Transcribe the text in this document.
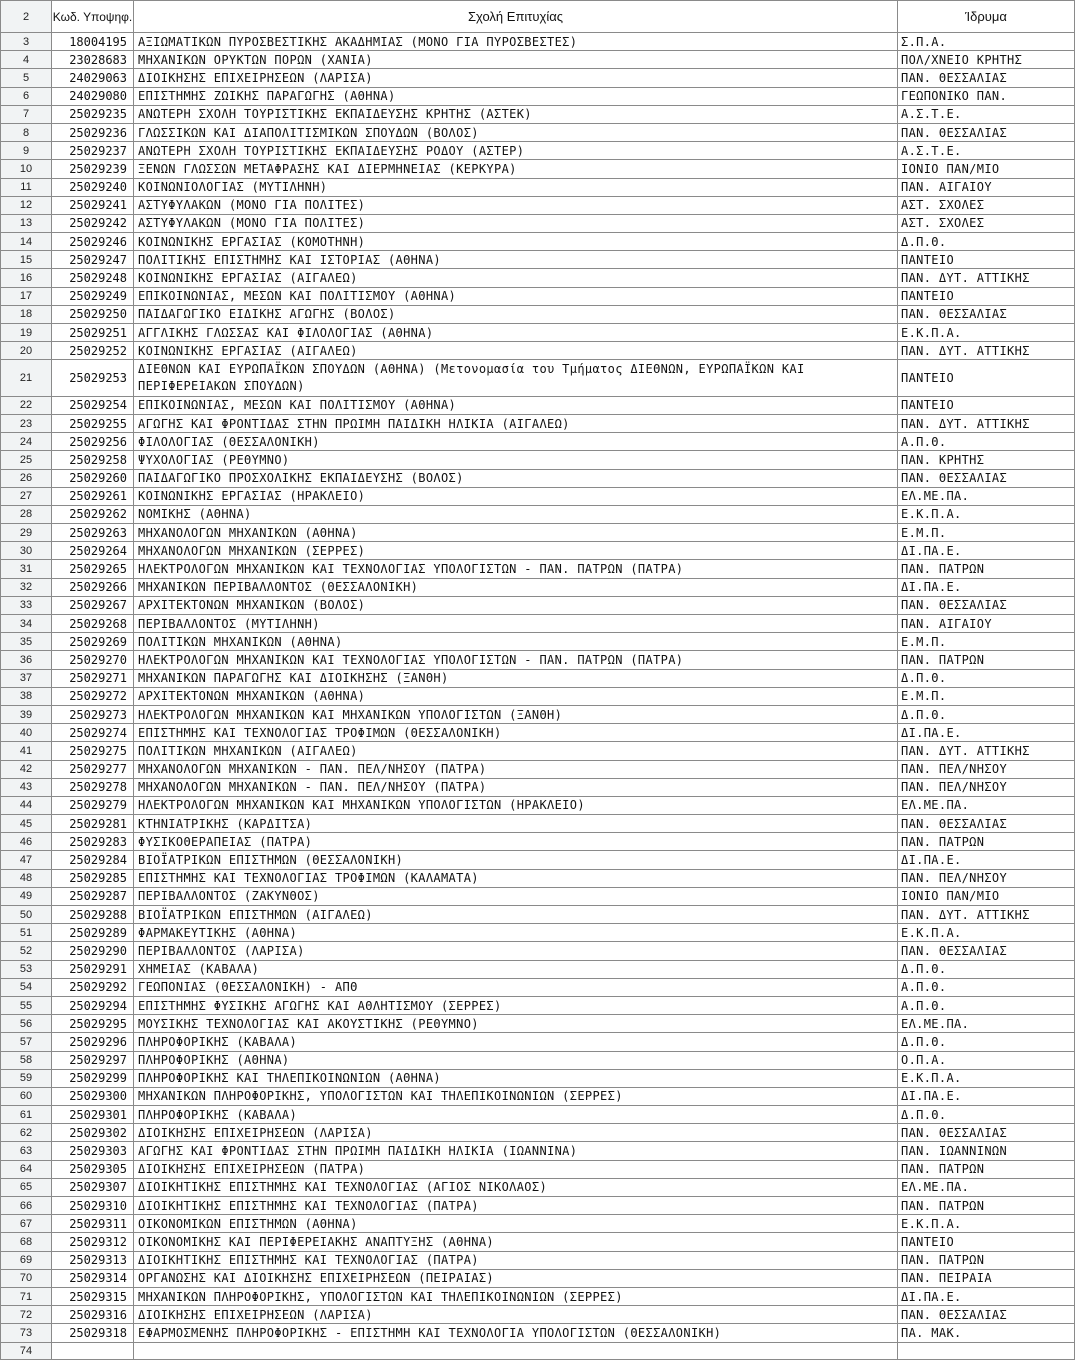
2	Κωδ. Υποψηφ.	Σχολή Επιτυχίας	Ίδρυμα
3	18004195	ΑΞΙΩΜΑΤΙΚΩΝ ΠΥΡΟΣΒΕΣΤΙΚΗΣ ΑΚΑΔΗΜΙΑΣ (ΜΟΝΟ ΓΙΑ ΠΥΡΟΣΒΕΣΤΕΣ)	Σ.Π.Α.
4	23028683	ΜΗΧΑΝΙΚΩΝ ΟΡΥΚΤΩΝ ΠΟΡΩΝ (ΧΑΝΙΑ)	ΠΟΛ/ΧΝΕΙΟ ΚΡΗΤΗΣ
5	24029063	ΔΙΟΙΚΗΣΗΣ ΕΠΙΧΕΙΡΗΣΕΩΝ (ΛΑΡΙΣΑ)	ΠΑΝ. ΘΕΣΣΑΛΙΑΣ
6	24029080	ΕΠΙΣΤΗΜΗΣ ΖΩΙΚΗΣ ΠΑΡΑΓΩΓΗΣ (ΑΘΗΝΑ)	ΓΕΩΠΟΝΙΚΟ ΠΑΝ.
7	25029235	ΑΝΩΤΕΡΗ ΣΧΟΛΗ ΤΟΥΡΙΣΤΙΚΗΣ ΕΚΠΑΙΔΕΥΣΗΣ ΚΡΗΤΗΣ (ΑΣΤΕΚ)	Α.Σ.Τ.Ε.
8	25029236	ΓΛΩΣΣΙΚΩΝ ΚΑΙ ΔΙΑΠΟΛΙΤΙΣΜΙΚΩΝ ΣΠΟΥΔΩΝ (ΒΟΛΟΣ)	ΠΑΝ. ΘΕΣΣΑΛΙΑΣ
9	25029237	ΑΝΩΤΕΡΗ ΣΧΟΛΗ ΤΟΥΡΙΣΤΙΚΗΣ ΕΚΠΑΙΔΕΥΣΗΣ ΡΟΔΟΥ (ΑΣΤΕΡ)	Α.Σ.Τ.Ε.
10	25029239	ΞΕΝΩΝ ΓΛΩΣΣΩΝ ΜΕΤΑΦΡΑΣΗΣ ΚΑΙ ΔΙΕΡΜΗΝΕΙΑΣ (ΚΕΡΚΥΡΑ)	ΙΟΝΙΟ ΠΑΝ/ΜΙΟ
11	25029240	ΚΟΙΝΩΝΙΟΛΟΓΙΑΣ (ΜΥΤΙΛΗΝΗ)	ΠΑΝ. ΑΙΓΑΙΟΥ
12	25029241	ΑΣΤΥΦΥΛΑΚΩΝ (ΜΟΝΟ ΓΙΑ ΠΟΛΙΤΕΣ)	ΑΣΤ. ΣΧΟΛΕΣ
13	25029242	ΑΣΤΥΦΥΛΑΚΩΝ (ΜΟΝΟ ΓΙΑ ΠΟΛΙΤΕΣ)	ΑΣΤ. ΣΧΟΛΕΣ
14	25029246	ΚΟΙΝΩΝΙΚΗΣ ΕΡΓΑΣΙΑΣ (ΚΟΜΟΤΗΝΗ)	Δ.Π.Θ.
15	25029247	ΠΟΛΙΤΙΚΗΣ ΕΠΙΣΤΗΜΗΣ ΚΑΙ ΙΣΤΟΡΙΑΣ (ΑΘΗΝΑ)	ΠΑΝΤΕΙΟ
16	25029248	ΚΟΙΝΩΝΙΚΗΣ ΕΡΓΑΣΙΑΣ (ΑΙΓΑΛΕΩ)	ΠΑΝ. ΔΥΤ. ΑΤΤΙΚΗΣ
17	25029249	ΕΠΙΚΟΙΝΩΝΙΑΣ, ΜΕΣΩΝ ΚΑΙ ΠΟΛΙΤΙΣΜΟΥ (ΑΘΗΝΑ)	ΠΑΝΤΕΙΟ
18	25029250	ΠΑΙΔΑΓΩΓΙΚΟ ΕΙΔΙΚΗΣ ΑΓΩΓΗΣ (ΒΟΛΟΣ)	ΠΑΝ. ΘΕΣΣΑΛΙΑΣ
19	25029251	ΑΓΓΛΙΚΗΣ ΓΛΩΣΣΑΣ ΚΑΙ ΦΙΛΟΛΟΓΙΑΣ (ΑΘΗΝΑ)	Ε.Κ.Π.Α.
20	25029252	ΚΟΙΝΩΝΙΚΗΣ ΕΡΓΑΣΙΑΣ (ΑΙΓΑΛΕΩ)	ΠΑΝ. ΔΥΤ. ΑΤΤΙΚΗΣ
21	25029253	ΔΙΕΘΝΩΝ ΚΑΙ ΕΥΡΩΠΑΪΚΩΝ ΣΠΟΥΔΩΝ (ΑΘΗΝΑ) (Μετονομασία του Τμήματος ΔΙΕΘΝΩΝ, ΕΥΡΩΠΑΪΚΩΝ ΚΑΙ ΠΕΡΙΦΕΡΕΙΑΚΩΝ ΣΠΟΥΔΩΝ)	ΠΑΝΤΕΙΟ
22	25029254	ΕΠΙΚΟΙΝΩΝΙΑΣ, ΜΕΣΩΝ ΚΑΙ ΠΟΛΙΤΙΣΜΟΥ (ΑΘΗΝΑ)	ΠΑΝΤΕΙΟ
23	25029255	ΑΓΩΓΗΣ ΚΑΙ ΦΡΟΝΤΙΔΑΣ ΣΤΗΝ ΠΡΩΙΜΗ ΠΑΙΔΙΚΗ ΗΛΙΚΙΑ (ΑΙΓΑΛΕΩ)	ΠΑΝ. ΔΥΤ. ΑΤΤΙΚΗΣ
24	25029256	ΦΙΛΟΛΟΓΙΑΣ (ΘΕΣΣΑΛΟΝΙΚΗ)	Α.Π.Θ.
25	25029258	ΨΥΧΟΛΟΓΙΑΣ (ΡΕΘΥΜΝΟ)	ΠΑΝ. ΚΡΗΤΗΣ
26	25029260	ΠΑΙΔΑΓΩΓΙΚΟ ΠΡΟΣΧΟΛΙΚΗΣ ΕΚΠΑΙΔΕΥΣΗΣ (ΒΟΛΟΣ)	ΠΑΝ. ΘΕΣΣΑΛΙΑΣ
27	25029261	ΚΟΙΝΩΝΙΚΗΣ ΕΡΓΑΣΙΑΣ (ΗΡΑΚΛΕΙΟ)	ΕΛ.ΜΕ.ΠΑ.
28	25029262	ΝΟΜΙΚΗΣ (ΑΘΗΝΑ)	Ε.Κ.Π.Α.
29	25029263	ΜΗΧΑΝΟΛΟΓΩΝ ΜΗΧΑΝΙΚΩΝ (ΑΘΗΝΑ)	Ε.Μ.Π.
30	25029264	ΜΗΧΑΝΟΛΟΓΩΝ ΜΗΧΑΝΙΚΩΝ (ΣΕΡΡΕΣ)	ΔΙ.ΠΑ.Ε.
31	25029265	ΗΛΕΚΤΡΟΛΟΓΩΝ ΜΗΧΑΝΙΚΩΝ ΚΑΙ ΤΕΧΝΟΛΟΓΙΑΣ ΥΠΟΛΟΓΙΣΤΩΝ - ΠΑΝ. ΠΑΤΡΩΝ (ΠΑΤΡΑ)	ΠΑΝ. ΠΑΤΡΩΝ
32	25029266	ΜΗΧΑΝΙΚΩΝ ΠΕΡΙΒΑΛΛΟΝΤΟΣ (ΘΕΣΣΑΛΟΝΙΚΗ)	ΔΙ.ΠΑ.Ε.
33	25029267	ΑΡΧΙΤΕΚΤΟΝΩΝ ΜΗΧΑΝΙΚΩΝ (ΒΟΛΟΣ)	ΠΑΝ. ΘΕΣΣΑΛΙΑΣ
34	25029268	ΠΕΡΙΒΑΛΛΟΝΤΟΣ (ΜΥΤΙΛΗΝΗ)	ΠΑΝ. ΑΙΓΑΙΟΥ
35	25029269	ΠΟΛΙΤΙΚΩΝ ΜΗΧΑΝΙΚΩΝ (ΑΘΗΝΑ)	Ε.Μ.Π.
36	25029270	ΗΛΕΚΤΡΟΛΟΓΩΝ ΜΗΧΑΝΙΚΩΝ ΚΑΙ ΤΕΧΝΟΛΟΓΙΑΣ ΥΠΟΛΟΓΙΣΤΩΝ - ΠΑΝ. ΠΑΤΡΩΝ (ΠΑΤΡΑ)	ΠΑΝ. ΠΑΤΡΩΝ
37	25029271	ΜΗΧΑΝΙΚΩΝ ΠΑΡΑΓΩΓΗΣ ΚΑΙ ΔΙΟΙΚΗΣΗΣ (ΞΑΝΘΗ)	Δ.Π.Θ.
38	25029272	ΑΡΧΙΤΕΚΤΟΝΩΝ ΜΗΧΑΝΙΚΩΝ (ΑΘΗΝΑ)	Ε.Μ.Π.
39	25029273	ΗΛΕΚΤΡΟΛΟΓΩΝ ΜΗΧΑΝΙΚΩΝ ΚΑΙ ΜΗΧΑΝΙΚΩΝ ΥΠΟΛΟΓΙΣΤΩΝ (ΞΑΝΘΗ)	Δ.Π.Θ.
40	25029274	ΕΠΙΣΤΗΜΗΣ ΚΑΙ ΤΕΧΝΟΛΟΓΙΑΣ ΤΡΟΦΙΜΩΝ (ΘΕΣΣΑΛΟΝΙΚΗ)	ΔΙ.ΠΑ.Ε.
41	25029275	ΠΟΛΙΤΙΚΩΝ ΜΗΧΑΝΙΚΩΝ (ΑΙΓΑΛΕΩ)	ΠΑΝ. ΔΥΤ. ΑΤΤΙΚΗΣ
42	25029277	ΜΗΧΑΝΟΛΟΓΩΝ ΜΗΧΑΝΙΚΩΝ - ΠΑΝ. ΠΕΛ/ΝΗΣΟΥ (ΠΑΤΡΑ)	ΠΑΝ. ΠΕΛ/ΝΗΣΟΥ
43	25029278	ΜΗΧΑΝΟΛΟΓΩΝ ΜΗΧΑΝΙΚΩΝ - ΠΑΝ. ΠΕΛ/ΝΗΣΟΥ (ΠΑΤΡΑ)	ΠΑΝ. ΠΕΛ/ΝΗΣΟΥ
44	25029279	ΗΛΕΚΤΡΟΛΟΓΩΝ ΜΗΧΑΝΙΚΩΝ ΚΑΙ ΜΗΧΑΝΙΚΩΝ ΥΠΟΛΟΓΙΣΤΩΝ (ΗΡΑΚΛΕΙΟ)	ΕΛ.ΜΕ.ΠΑ.
45	25029281	ΚΤΗΝΙΑΤΡΙΚΗΣ (ΚΑΡΔΙΤΣΑ)	ΠΑΝ. ΘΕΣΣΑΛΙΑΣ
46	25029283	ΦΥΣΙΚΟΘΕΡΑΠΕΙΑΣ (ΠΑΤΡΑ)	ΠΑΝ. ΠΑΤΡΩΝ
47	25029284	ΒΙΟΪΑΤΡΙΚΩΝ ΕΠΙΣΤΗΜΩΝ (ΘΕΣΣΑΛΟΝΙΚΗ)	ΔΙ.ΠΑ.Ε.
48	25029285	ΕΠΙΣΤΗΜΗΣ ΚΑΙ ΤΕΧΝΟΛΟΓΙΑΣ ΤΡΟΦΙΜΩΝ (ΚΑΛΑΜΑΤΑ)	ΠΑΝ. ΠΕΛ/ΝΗΣΟΥ
49	25029287	ΠΕΡΙΒΑΛΛΟΝΤΟΣ (ΖΑΚΥΝΘΟΣ)	ΙΟΝΙΟ ΠΑΝ/ΜΙΟ
50	25029288	ΒΙΟΪΑΤΡΙΚΩΝ ΕΠΙΣΤΗΜΩΝ (ΑΙΓΑΛΕΩ)	ΠΑΝ. ΔΥΤ. ΑΤΤΙΚΗΣ
51	25029289	ΦΑΡΜΑΚΕΥΤΙΚΗΣ (ΑΘΗΝΑ)	Ε.Κ.Π.Α.
52	25029290	ΠΕΡΙΒΑΛΛΟΝΤΟΣ (ΛΑΡΙΣΑ)	ΠΑΝ. ΘΕΣΣΑΛΙΑΣ
53	25029291	ΧΗΜΕΙΑΣ (ΚΑΒΑΛΑ)	Δ.Π.Θ.
54	25029292	ΓΕΩΠΟΝΙΑΣ (ΘΕΣΣΑΛΟΝΙΚΗ) - ΑΠΘ	Α.Π.Θ.
55	25029294	ΕΠΙΣΤΗΜΗΣ ΦΥΣΙΚΗΣ ΑΓΩΓΗΣ ΚΑΙ ΑΘΛΗΤΙΣΜΟΥ (ΣΕΡΡΕΣ)	Α.Π.Θ.
56	25029295	ΜΟΥΣΙΚΗΣ ΤΕΧΝΟΛΟΓΙΑΣ ΚΑΙ ΑΚΟΥΣΤΙΚΗΣ (ΡΕΘΥΜΝΟ)	ΕΛ.ΜΕ.ΠΑ.
57	25029296	ΠΛΗΡΟΦΟΡΙΚΗΣ (ΚΑΒΑΛΑ)	Δ.Π.Θ.
58	25029297	ΠΛΗΡΟΦΟΡΙΚΗΣ (ΑΘΗΝΑ)	Ο.Π.Α.
59	25029299	ΠΛΗΡΟΦΟΡΙΚΗΣ ΚΑΙ ΤΗΛΕΠΙΚΟΙΝΩΝΙΩΝ (ΑΘΗΝΑ)	Ε.Κ.Π.Α.
60	25029300	ΜΗΧΑΝΙΚΩΝ ΠΛΗΡΟΦΟΡΙΚΗΣ, ΥΠΟΛΟΓΙΣΤΩΝ ΚΑΙ ΤΗΛΕΠΙΚΟΙΝΩΝΙΩΝ (ΣΕΡΡΕΣ)	ΔΙ.ΠΑ.Ε.
61	25029301	ΠΛΗΡΟΦΟΡΙΚΗΣ (ΚΑΒΑΛΑ)	Δ.Π.Θ.
62	25029302	ΔΙΟΙΚΗΣΗΣ ΕΠΙΧΕΙΡΗΣΕΩΝ (ΛΑΡΙΣΑ)	ΠΑΝ. ΘΕΣΣΑΛΙΑΣ
63	25029303	ΑΓΩΓΗΣ ΚΑΙ ΦΡΟΝΤΙΔΑΣ ΣΤΗΝ ΠΡΩΙΜΗ ΠΑΙΔΙΚΗ ΗΛΙΚΙΑ (ΙΩΑΝΝΙΝΑ)	ΠΑΝ. ΙΩΑΝΝΙΝΩΝ
64	25029305	ΔΙΟΙΚΗΣΗΣ ΕΠΙΧΕΙΡΗΣΕΩΝ (ΠΑΤΡΑ)	ΠΑΝ. ΠΑΤΡΩΝ
65	25029307	ΔΙΟΙΚΗΤΙΚΗΣ ΕΠΙΣΤΗΜΗΣ ΚΑΙ ΤΕΧΝΟΛΟΓΙΑΣ (ΑΓΙΟΣ ΝΙΚΟΛΑΟΣ)	ΕΛ.ΜΕ.ΠΑ.
66	25029310	ΔΙΟΙΚΗΤΙΚΗΣ ΕΠΙΣΤΗΜΗΣ ΚΑΙ ΤΕΧΝΟΛΟΓΙΑΣ (ΠΑΤΡΑ)	ΠΑΝ. ΠΑΤΡΩΝ
67	25029311	ΟΙΚΟΝΟΜΙΚΩΝ ΕΠΙΣΤΗΜΩΝ (ΑΘΗΝΑ)	Ε.Κ.Π.Α.
68	25029312	ΟΙΚΟΝΟΜΙΚΗΣ ΚΑΙ ΠΕΡΙΦΕΡΕΙΑΚΗΣ ΑΝΑΠΤΥΞΗΣ (ΑΘΗΝΑ)	ΠΑΝΤΕΙΟ
69	25029313	ΔΙΟΙΚΗΤΙΚΗΣ ΕΠΙΣΤΗΜΗΣ ΚΑΙ ΤΕΧΝΟΛΟΓΙΑΣ (ΠΑΤΡΑ)	ΠΑΝ. ΠΑΤΡΩΝ
70	25029314	ΟΡΓΑΝΩΣΗΣ ΚΑΙ ΔΙΟΙΚΗΣΗΣ ΕΠΙΧΕΙΡΗΣΕΩΝ (ΠΕΙΡΑΙΑΣ)	ΠΑΝ. ΠΕΙΡΑΙΑ
71	25029315	ΜΗΧΑΝΙΚΩΝ ΠΛΗΡΟΦΟΡΙΚΗΣ, ΥΠΟΛΟΓΙΣΤΩΝ ΚΑΙ ΤΗΛΕΠΙΚΟΙΝΩΝΙΩΝ (ΣΕΡΡΕΣ)	ΔΙ.ΠΑ.Ε.
72	25029316	ΔΙΟΙΚΗΣΗΣ ΕΠΙΧΕΙΡΗΣΕΩΝ (ΛΑΡΙΣΑ)	ΠΑΝ. ΘΕΣΣΑΛΙΑΣ
73	25029318	ΕΦΑΡΜΟΣΜΕΝΗΣ ΠΛΗΡΟΦΟΡΙΚΗΣ - ΕΠΙΣΤΗΜΗ ΚΑΙ ΤΕΧΝΟΛΟΓΙΑ ΥΠΟΛΟΓΙΣΤΩΝ (ΘΕΣΣΑΛΟΝΙΚΗ)	ΠΑ. ΜΑΚ.
74			
